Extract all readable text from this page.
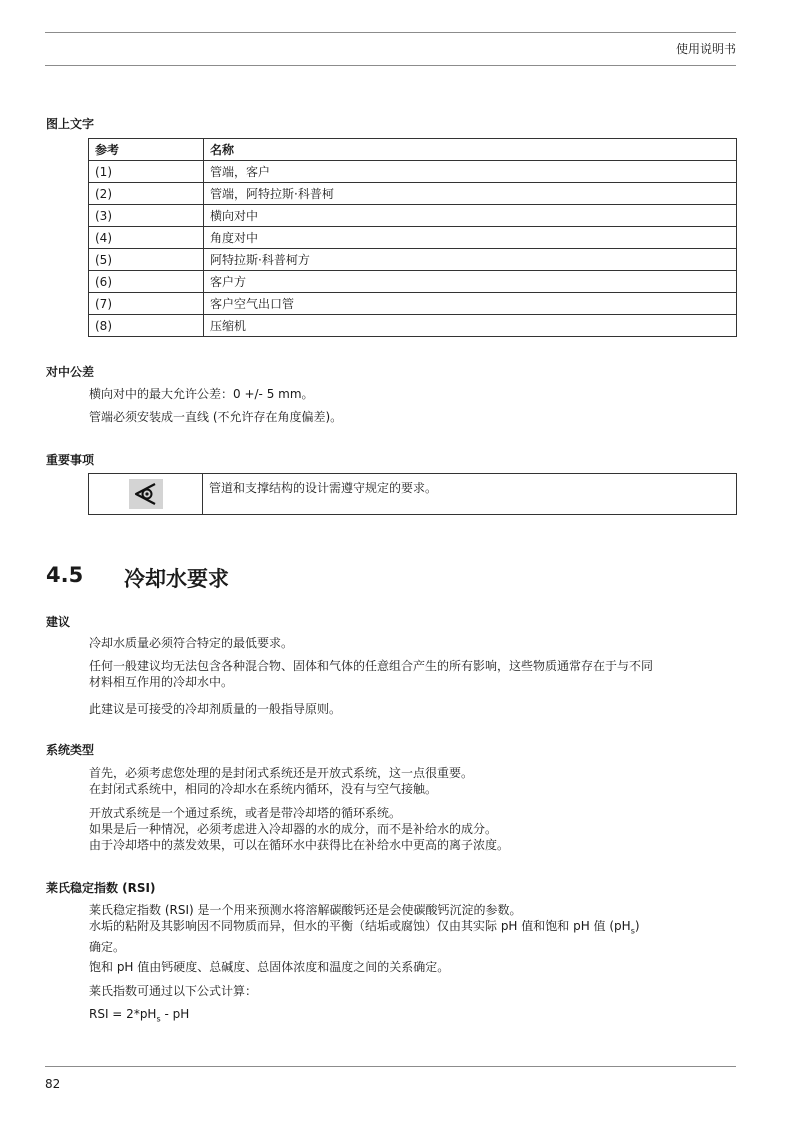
使用说明书
图上文字
参考	名称
(1)	管端，客户
(2)	管端，阿特拉斯·科普柯
(3)	横向对中
(4)	角度对中
(5)	阿特拉斯·科普柯方
(6)	客户方
(7)	客户空气出口管
(8)	压缩机
对中公差
横向对中的最大允许公差：0 +/- 5 mm。
管端必须安装成一直线 (不允许存在角度偏差)。
重要事项
管道和支撑结构的设计需遵守规定的要求。
4.5 冷却水要求
建议
冷却水质量必须符合特定的最低要求。
任何一般建议均无法包含各种混合物、固体和气体的任意组合产生的所有影响，这些物质通常存在于与不同
材料相互作用的冷却水中。
此建议是可接受的冷却剂质量的一般指导原则。
系统类型
首先，必须考虑您处理的是封闭式系统还是开放式系统，这一点很重要。
在封闭式系统中，相同的冷却水在系统内循环，没有与空气接触。
开放式系统是一个通过系统，或者是带冷却塔的循环系统。
如果是后一种情况，必须考虑进入冷却器的水的成分，而不是补给水的成分。
由于冷却塔中的蒸发效果，可以在循环水中获得比在补给水中更高的离子浓度。
莱氏稳定指数 (RSI)
莱氏稳定指数 (RSI) 是一个用来预测水将溶解碳酸钙还是会使碳酸钙沉淀的参数。
水垢的粘附及其影响因不同物质而异，但水的平衡（结垢或腐蚀）仅由其实际 pH 值和饱和 pH 值 $(pH_s)$
确定。
饱和 pH 值由钙硬度、总碱度、总固体浓度和温度之间的关系确定。
莱氏指数可通过以下公式计算：
RSI = $2*pH_s$ - pH
82
